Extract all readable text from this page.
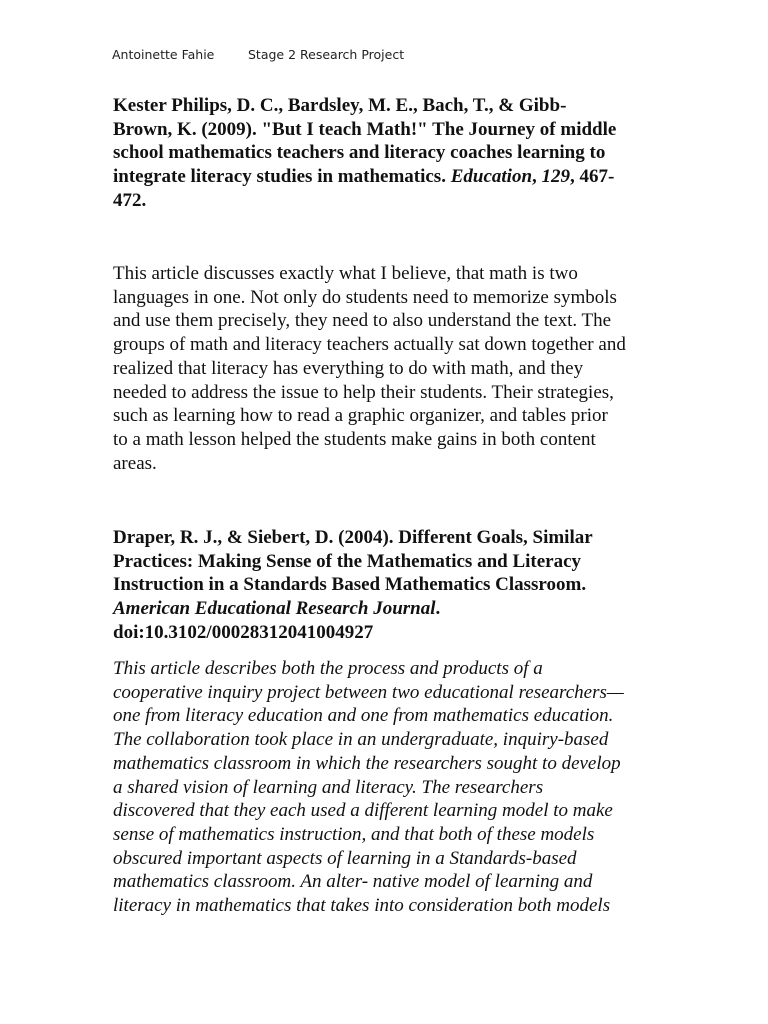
Antoinette Fahie	Stage 2 Research Project
Kester Philips, D. C., Bardsley, M. E., Bach, T., & Gibb-
Brown, K. (2009). "But I teach Math!" The Journey of middle
school mathematics teachers and literacy coaches learning to
integrate literacy studies in mathematics. Education, 129, 467-
472.
This article discusses exactly what I believe, that math is two
languages in one. Not only do students need to memorize symbols
and use them precisely, they need to also understand the text. The
groups of math and literacy teachers actually sat down together and
realized that literacy has everything to do with math, and they
needed to address the issue to help their students. Their strategies,
such as learning how to read a graphic organizer, and tables prior
to a math lesson helped the students make gains in both content
areas.
Draper, R. J., & Siebert, D. (2004). Different Goals, Similar
Practices: Making Sense of the Mathematics and Literacy
Instruction in a Standards Based Mathematics Classroom.
American Educational Research Journal.
doi:10.3102/00028312041004927
This article describes both the process and products of a
cooperative inquiry project between two educational researchers—
one from literacy education and one from mathematics education.
The collaboration took place in an undergraduate, inquiry-based
mathematics classroom in which the researchers sought to develop
a shared vision of learning and literacy. The researchers
discovered that they each used a different learning model to make
sense of mathematics instruction, and that both of these models
obscured important aspects of learning in a Standards-based
mathematics classroom. An alter- native model of learning and
literacy in mathematics that takes into consideration both models
